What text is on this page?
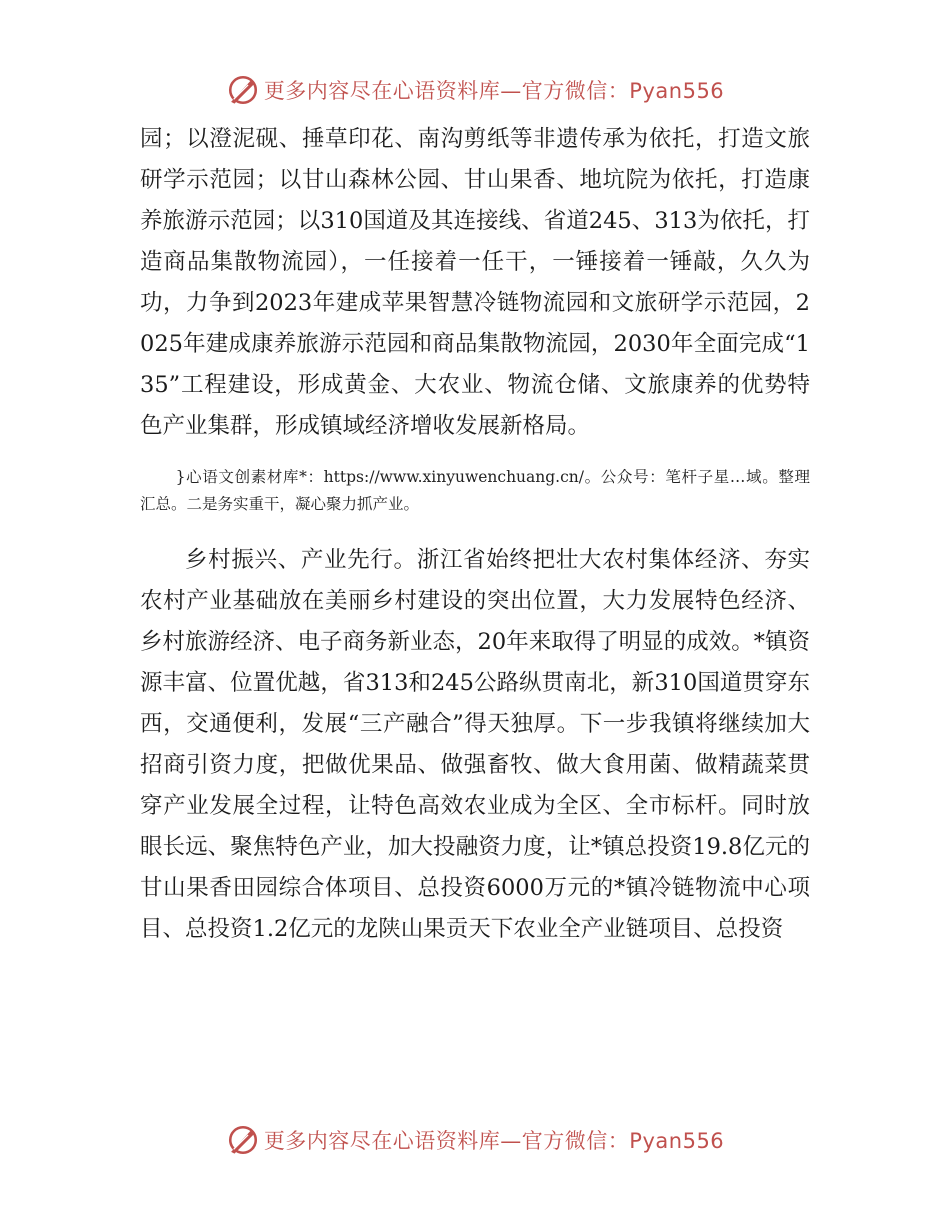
更多内容尽在心语资料库—官方微信：Pyan556

园；以澄泥砚、捶草印花、南沟剪纸等非遗传承为依托，打造文旅研学示范园；以甘山森林公园、甘山果香、地坑院为依托，打造康养旅游示范园；以310国道及其连接线、省道245、313为依托，打造商品集散物流园），一任接着一任干，一锤接着一锤敲，久久为功，力争到2023年建成苹果智慧冷链物流园和文旅研学示范园，2025年建成康养旅游示范园和商品集散物流园，2030年全面完成“135”工程建设，形成黄金、大农业、物流仓储、文旅康养的优势特色产业集群，形成镇域经济增收发展新格局。

}心语文创素材库*：https://www.xinyuwenchuang.cn/。公众号：笔杆子星…域。整理汇总。二是务实重干，凝心聚力抓产业。

乡村振兴、产业先行。浙江省始终把壮大农村集体经济、夯实农村产业基础放在美丽乡村建设的突出位置，大力发展特色经济、乡村旅游经济、电子商务新业态，20年来取得了明显的成效。*镇资源丰富、位置优越，省313和245公路纵贯南北，新310国道贯穿东西，交通便利，发展“三产融合”得天独厚。下一步我镇将继续加大招商引资力度，把做优果品、做强畜牧、做大食用菌、做精蔬菜贯穿产业发展全过程，让特色高效农业成为全区、全市标杆。同时放眼长远、聚焦特色产业，加大投融资力度，让*镇总投资19.8亿元的甘山果香田园综合体项目、总投资6000万元的*镇冷链物流中心项目、总投资1.2亿元的龙陕山果贡天下农业全产业链项目、总投资

更多内容尽在心语资料库—官方微信：Pyan556
